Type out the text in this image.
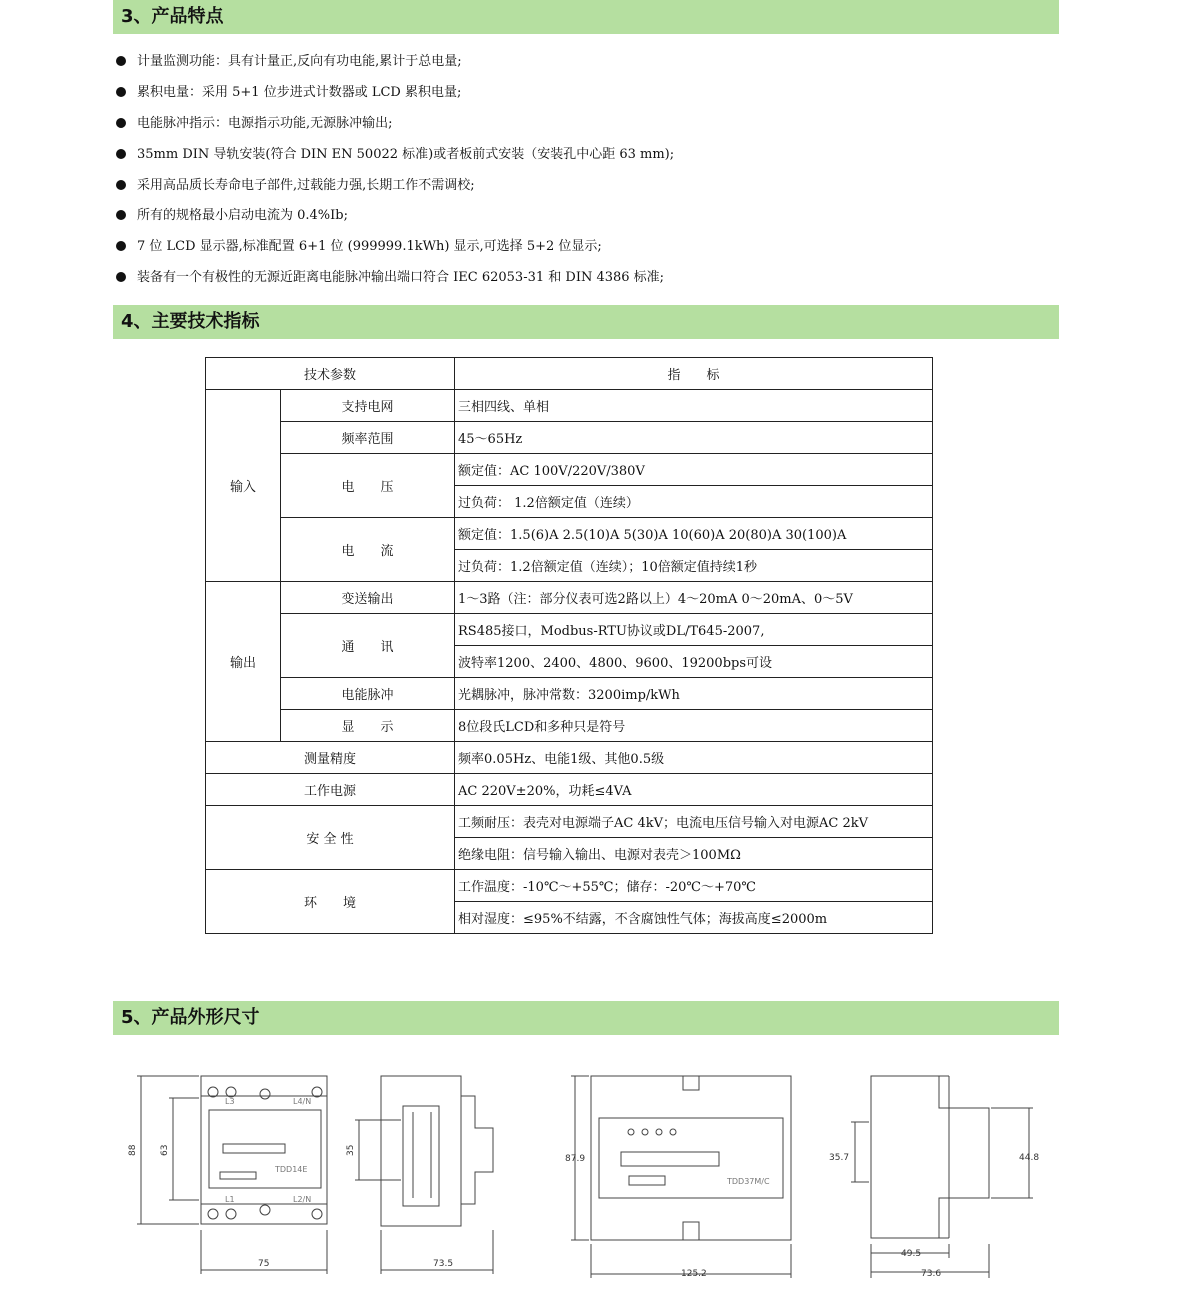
3、产品特点
计量监测功能：具有计量正,反向有功电能,累计于总电量;
累积电量：采用 5+1 位步进式计数器或 LCD 累积电量;
电能脉冲指示：电源指示功能,无源脉冲输出;
35mm DIN 导轨安装(符合 DIN EN 50022 标准)或者板前式安装（安装孔中心距 63 mm);
采用高品质长寿命电子部件,过载能力强,长期工作不需调校;
所有的规格最小启动电流为 0.4%Ib;
7 位 LCD 显示器,标准配置 6+1 位 (999999.1kWh) 显示,可选择 5+2 位显示;
装备有一个有极性的无源近距离电能脉冲输出端口符合 IEC 62053-31 和 DIN 4386 标准;
4、主要技术指标
技术参数		指　　标
输入	支持电网	三相四线、单相
	频率范围	45～65Hz
	电　　压	额定值：AC 100V/220V/380V
		过负荷： 1.2倍额定值（连续）
	电　　流	额定值：1.5(6)A 2.5(10)A 5(30)A 10(60)A 20(80)A 30(100)A
		过负荷：1.2倍额定值（连续）；10倍额定值持续1秒
输出	变送输出	1～3路（注：部分仪表可选2路以上）4～20mA 0～20mA、0～5V
	通　　讯	RS485接口，Modbus-RTU协议或DL/T645-2007,
		波特率1200、2400、4800、9600、19200bps可设
	电能脉冲	光耦脉冲，脉冲常数：3200imp/kWh
	显　　示	8位段氏LCD和多种只是符号
测量精度		频率0.05Hz、电能1级、其他0.5级
工作电源		AC 220V±20%，功耗≤4VA
安 全 性		工频耐压：表壳对电源端子AC 4kV；电流电压信号输入对电源AC 2kV
		绝缘电阻：信号输入输出、电源对表壳＞100MΩ
环　　境		工作温度：-10℃～+55℃；储存：-20℃～+70℃
		相对湿度：≤95%不结露，不含腐蚀性气体；海拔高度≤2000m
5、产品外形尺寸
88 63
75
TDD14E
L3	L4/N
L1	L2/N
35
73.5
87.9
125.2
TDD37M/C
35.7	44.8
49.5
73.6
